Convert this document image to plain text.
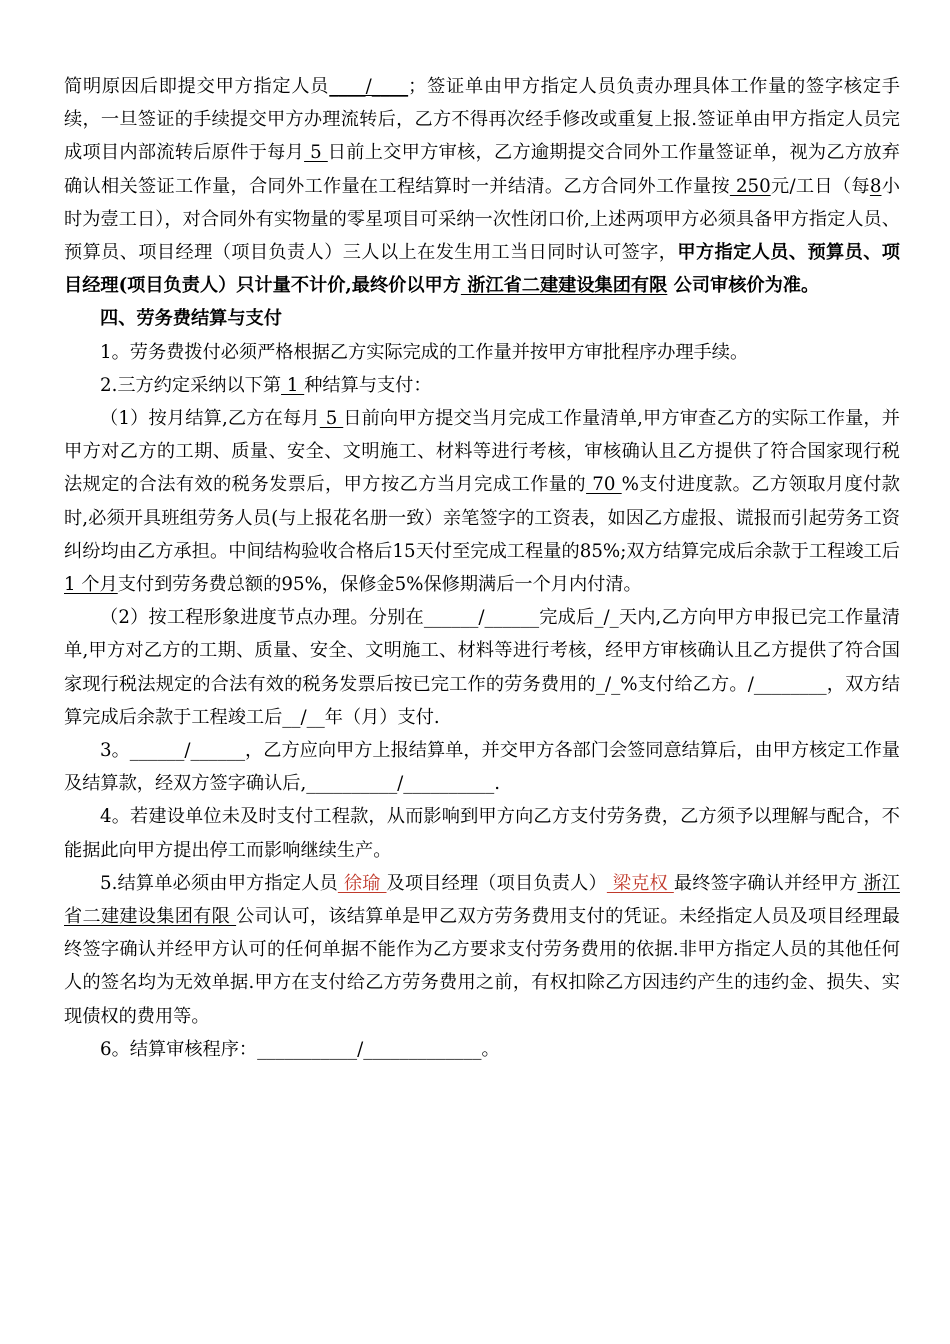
简明原因后即提交甲方指定人员____/____；签证单由甲方指定人员负责办理具体工作量的签字核定手续，一旦签证的手续提交甲方办理流转后，乙方不得再次经手修改或重复上报.签证单由甲方指定人员完成项目内部流转后原件于每月 5 日前上交甲方审核，乙方逾期提交合同外工作量签证单，视为乙方放弃确认相关签证工作量，合同外工作量在工程结算时一并结清。乙方合同外工作量按 250元/工日（每8小时为壹工日），对合同外有实物量的零星项目可采纳一次性闭口价,上述两项甲方必须具备甲方指定人员、预算员、项目经理（项目负责人）三人以上在发生用工当日同时认可签字，甲方指定人员、预算员、项目经理(项目负责人）只计量不计价,最终价以甲方 浙江省二建建设集团有限 公司审核价为准。

四、劳务费结算与支付

1。劳务费拨付必须严格根据乙方实际完成的工作量并按甲方审批程序办理手续。

2.三方约定采纳以下第 1 种结算与支付：

（1）按月结算,乙方在每月 5 日前向甲方提交当月完成工作量清单,甲方审查乙方的实际工作量，并甲方对乙方的工期、质量、安全、文明施工、材料等进行考核，审核确认且乙方提供了符合国家现行税法规定的合法有效的税务发票后，甲方按乙方当月完成工作量的 70 %支付进度款。乙方领取月度付款时,必须开具班组劳务人员(与上报花名册一致）亲笔签字的工资表，如因乙方虚报、谎报而引起劳务工资纠纷均由乙方承担。中间结构验收合格后15天付至完成工程量的85%;双方结算完成后余款于工程竣工后 1 个月支付到劳务费总额的95%，保修金5%保修期满后一个月内付清。

（2）按工程形象进度节点办理。分别在______/______完成后_/_天内,乙方向甲方申报已完工作量清单,甲方对乙方的工期、质量、安全、文明施工、材料等进行考核，经甲方审核确认且乙方提供了符合国家现行税法规定的合法有效的税务发票后按已完工作的劳务费用的_/_%支付给乙方。/________，双方结算完成后余款于工程竣工后__/__年（月）支付.

3。______/______，乙方应向甲方上报结算单，并交甲方各部门会签同意结算后，由甲方核定工作量及结算款，经双方签字确认后,__________/__________.

4。若建设单位未及时支付工程款，从而影响到甲方向乙方支付劳务费，乙方须予以理解与配合，不能据此向甲方提出停工而影响继续生产。

5.结算单必须由甲方指定人员 徐瑜 及项目经理（项目负责人） 梁克权 最终签字确认并经甲方 浙江省二建建设集团有限 公司认可，该结算单是甲乙双方劳务费用支付的凭证。未经指定人员及项目经理最终签字确认并经甲方认可的任何单据不能作为乙方要求支付劳务费用的依据.非甲方指定人员的其他任何人的签名均为无效单据.甲方在支付给乙方劳务费用之前，有权扣除乙方因违约产生的违约金、损失、实现债权的费用等。

6。结算审核程序：___________/_____________。
